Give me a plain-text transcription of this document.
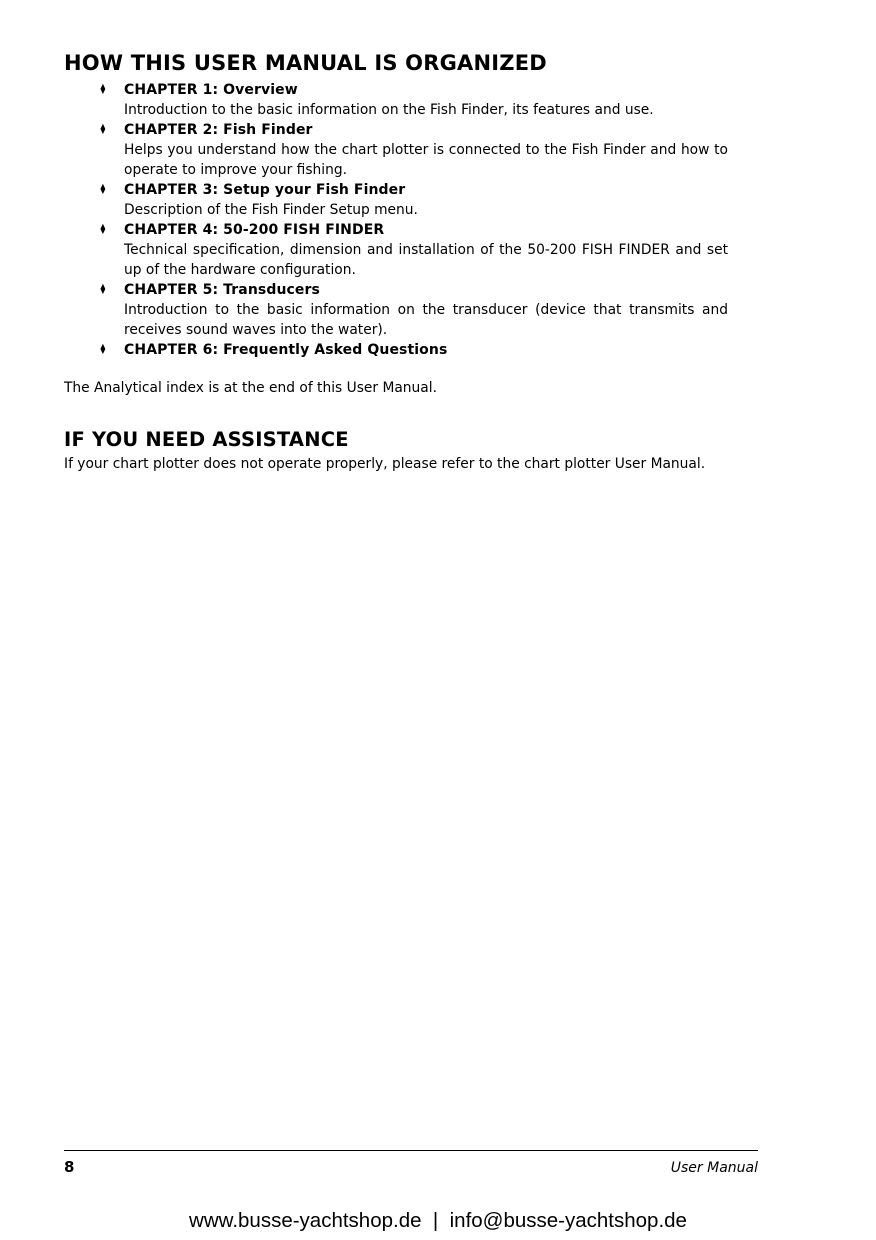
HOW THIS USER MANUAL IS ORGANIZED
♦ CHAPTER 1: Overview
Introduction to the basic information on the Fish Finder, its features and use.
♦ CHAPTER 2: Fish Finder
Helps you understand how the chart plotter is connected to the Fish Finder and how to operate to improve your fishing.
♦ CHAPTER 3: Setup your Fish Finder
Description of the Fish Finder Setup menu.
♦ CHAPTER 4: 50-200 FISH FINDER
Technical specification, dimension and installation of the 50-200 FISH FINDER and set up of the hardware configuration.
♦ CHAPTER 5: Transducers
Introduction to the basic information on the transducer (device that transmits and receives sound waves into the water).
♦ CHAPTER 6: Frequently Asked Questions

The Analytical index is at the end of this User Manual.

IF YOU NEED ASSISTANCE

If your chart plotter does not operate properly, please refer to the chart plotter User Manual.

8	User Manual
www.busse-yachtshop.de  |  info@busse-yachtshop.de
